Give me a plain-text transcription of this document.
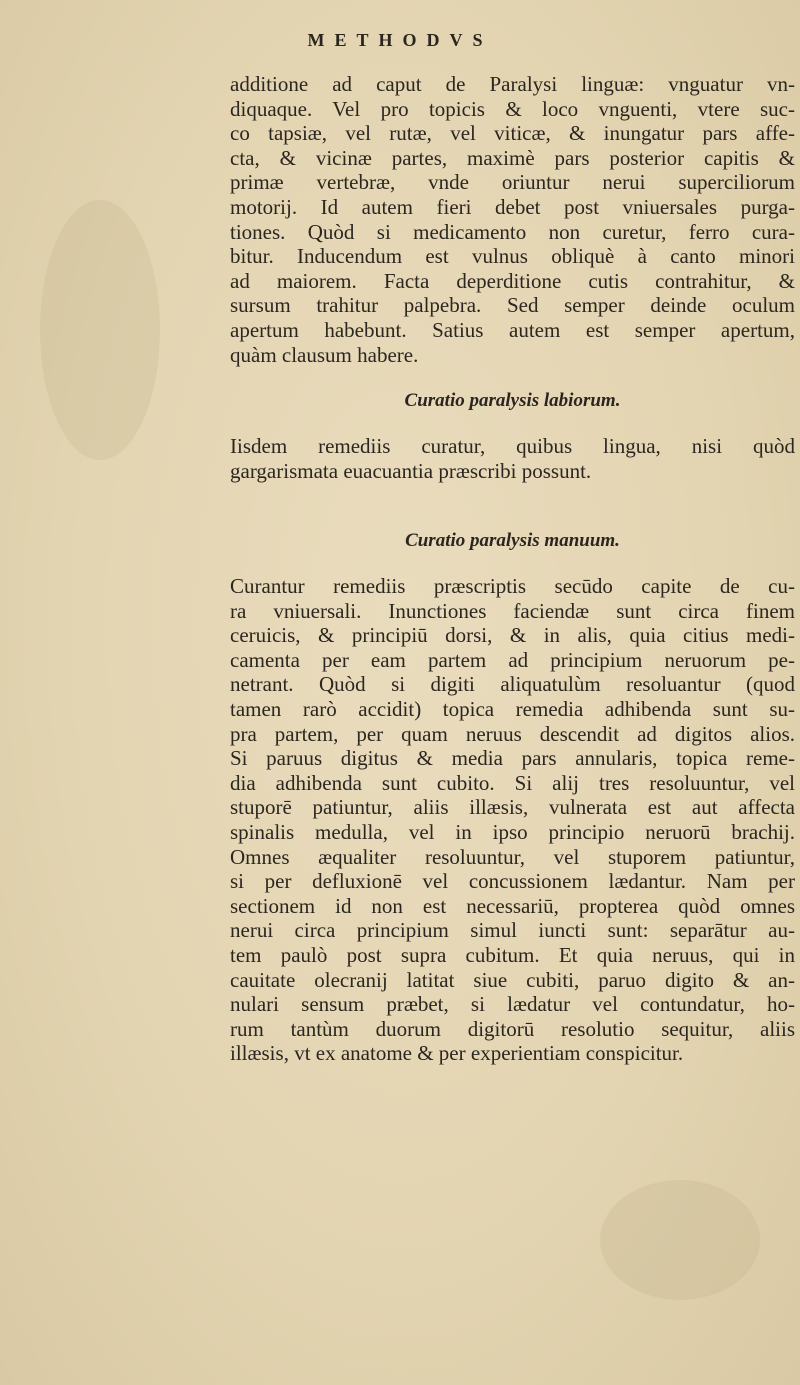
METHODVS
additione ad caput de Paralysi linguæ: vnguatur vn-
diquaque. Vel pro topicis & loco vnguenti, vtere suc-
co tapsiæ, vel rutæ, vel viticæ, & inungatur pars affe-
cta, & vicinæ partes, maximè pars posterior capitis &
primæ vertebræ, vnde oriuntur nerui superciliorum
motorij. Id autem fieri debet post vniuersales purga-
tiones. Quòd si medicamento non curetur, ferro cura-
bitur. Inducendum est vulnus obliquè à canto minori
ad maiorem. Facta deperditione cutis contrahitur, &
sursum trahitur palpebra. Sed semper deinde oculum
apertum habebunt. Satius autem est semper apertum,
quàm clausum habere.
Curatio paralysis labiorum.
Iisdem remediis curatur, quibus lingua, nisi quòd
gargarismata euacuantia præscribi possunt.
Curatio paralysis manuum.
Curantur remediis præscriptis secūdo capite de cu-
ra vniuersali. Inunctiones faciendæ sunt circa finem
ceruicis, & principiū dorsi, & in alis, quia citius medi-
camenta per eam partem ad principium neruorum pe-
netrant. Quòd si digiti aliquatulùm resoluantur (quod
tamen rarò accidit) topica remedia adhibenda sunt su-
pra partem, per quam neruus descendit ad digitos alios.
Si paruus digitus & media pars annularis, topica reme-
dia adhibenda sunt cubito. Si alij tres resoluuntur, vel
stuporē patiuntur, aliis illæsis, vulnerata est aut affecta
spinalis medulla, vel in ipso principio neruorū brachij.
Omnes æqualiter resoluuntur, vel stuporem patiuntur,
si per defluxionē vel concussionem lædantur. Nam per
sectionem id non est necessariū, propterea quòd omnes
nerui circa principium simul iuncti sunt: separātur au-
tem paulò post supra cubitum. Et quia neruus, qui in
cauitate olecranij latitat siue cubiti, paruo digito & an-
nulari sensum præbet, si lædatur vel contundatur, ho-
rum tantùm duorum digitorū resolutio sequitur, aliis
illæsis, vt ex anatome & per experientiam conspicitur.
